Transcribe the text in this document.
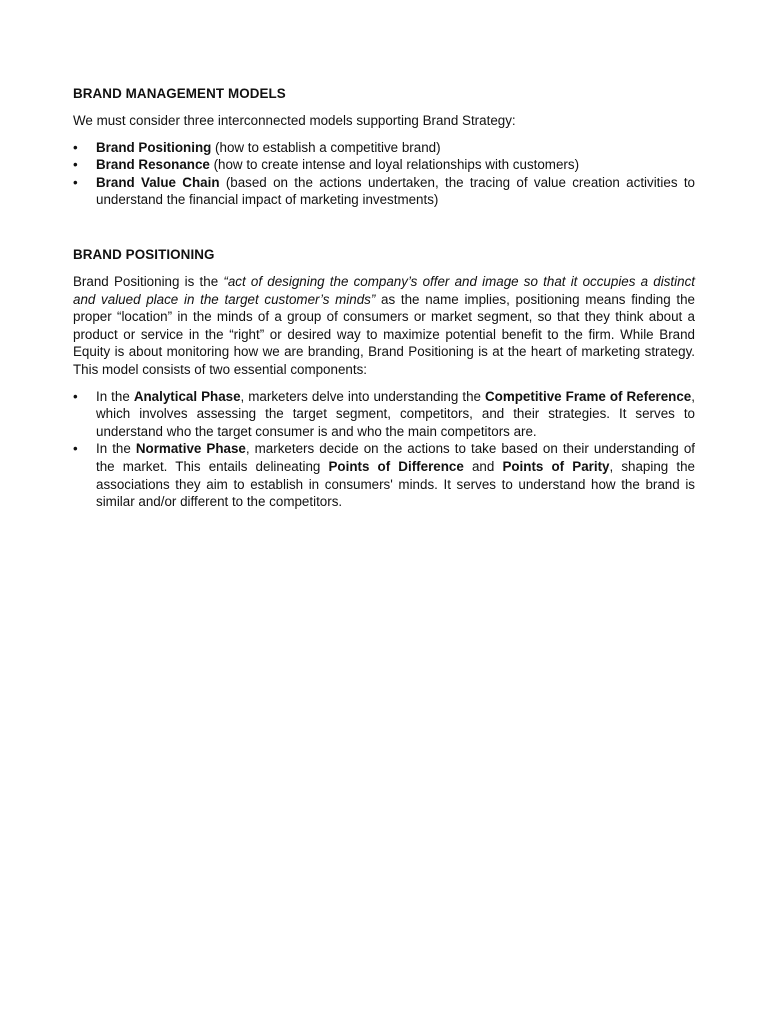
BRAND MANAGEMENT MODELS

We must consider three interconnected models supporting Brand Strategy:

•	Brand Positioning (how to establish a competitive brand)
•	Brand Resonance (how to create intense and loyal relationships with customers)
•	Brand Value Chain (based on the actions undertaken, the tracing of value creation activities to understand the financial impact of marketing investments)
BRAND POSITIONING

Brand Positioning is the “act of designing the company’s offer and image so that it occupies a distinct and valued place in the target customer’s minds” as the name implies, positioning means finding the proper “location” in the minds of a group of consumers or market segment, so that they think about a product or service in the “right” or desired way to maximize potential benefit to the firm. While Brand Equity is about monitoring how we are branding, Brand Positioning is at the heart of marketing strategy. This model consists of two essential components:

•	In the Analytical Phase, marketers delve into understanding the Competitive Frame of Reference, which involves assessing the target segment, competitors, and their strategies. It serves to understand who the target consumer is and who the main competitors are.
•	In the Normative Phase, marketers decide on the actions to take based on their understanding of the market. This entails delineating Points of Difference and Points of Parity, shaping the associations they aim to establish in consumers' minds. It serves to understand how the brand is similar and/or different to the competitors.
